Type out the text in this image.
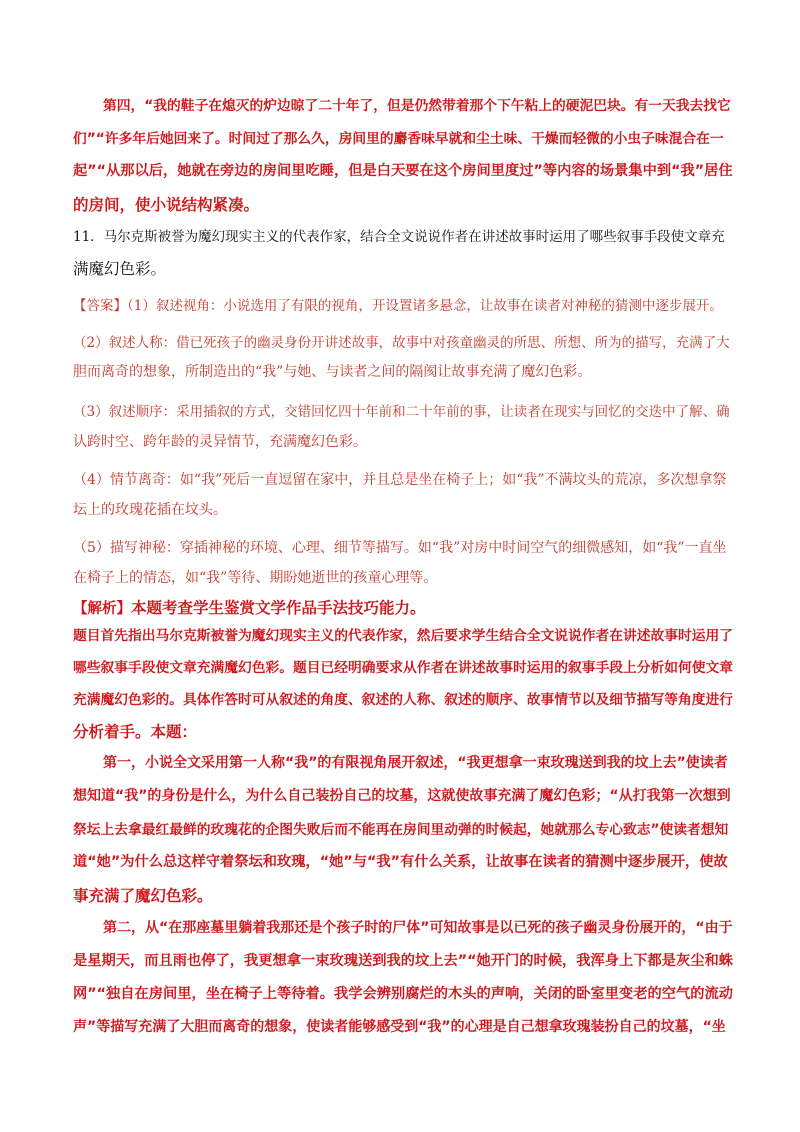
第四，“我的鞋子在熄灭的炉边晾了二十年了，但是仍然带着那个下午粘上的硬泥巴块。有一天我去找它
们”“许多年后她回来了。时间过了那么久，房间里的麝香味早就和尘土味、干燥而轻微的小虫子味混合在一
起”“从那以后，她就在旁边的房间里吃睡，但是白天要在这个房间里度过”等内容的场景集中到“我”居住
的房间，使小说结构紧凑。
11．马尔克斯被誉为魔幻现实主义的代表作家，结合全文说说作者在讲述故事时运用了哪些叙事手段使文章充
满魔幻色彩。
【答案】（1）叙述视角：小说选用了有限的视角，开设置诸多悬念，让故事在读者对神秘的猜测中逐步展开。
（2）叙述人称：借已死孩子的幽灵身份开讲述故事，故事中对孩童幽灵的所思、所想、所为的描写，充满了大
胆而离奇的想象，所制造出的“我”与她、与读者之间的隔阂让故事充满了魔幻色彩。
（3）叙述顺序：采用插叙的方式，交错回忆四十年前和二十年前的事，让读者在现实与回忆的交迭中了解、确
认跨时空、跨年龄的灵异情节，充满魔幻色彩。
（4）情节离奇：如“我”死后一直逗留在家中，并且总是坐在椅子上；如“我”不满坟头的荒凉，多次想拿祭
坛上的玫瑰花插在坟头。
（5）描写神秘：穿插神秘的环境、心理、细节等描写。如“我”对房中时间空气的细微感知，如“我”一直坐
在椅子上的情态，如“我”等待、期盼她逝世的孩童心理等。
【解析】本题考查学生鉴赏文学作品手法技巧能力。
题目首先指出马尔克斯被誉为魔幻现实主义的代表作家，然后要求学生结合全文说说作者在讲述故事时运用了
哪些叙事手段使文章充满魔幻色彩。题目已经明确要求从作者在讲述故事时运用的叙事手段上分析如何使文章
充满魔幻色彩的。具体作答时可从叙述的角度、叙述的人称、叙述的顺序、故事情节以及细节描写等角度进行
分析着手。本题：
第一，小说全文采用第一人称“我”的有限视角展开叙述，“我更想拿一束玫瑰送到我的坟上去”使读者
想知道“我”的身份是什么，为什么自己装扮自己的坟墓，这就使故事充满了魔幻色彩；“从打我第一次想到
祭坛上去拿最红最鲜的玫瑰花的企图失败后而不能再在房间里动弹的时候起，她就那么专心致志”使读者想知
道“她”为什么总这样守着祭坛和玫瑰，“她”与“我”有什么关系，让故事在读者的猜测中逐步展开，使故
事充满了魔幻色彩。
第二，从“在那座墓里躺着我那还是个孩子时的尸体”可知故事是以已死的孩子幽灵身份展开的，“由于
是星期天，而且雨也停了，我更想拿一束玫瑰送到我的坟上去”“她开门的时候，我浑身上下都是灰尘和蛛
网”“独自在房间里，坐在椅子上等待着。我学会辨别腐烂的木头的声响，关闭的卧室里变老的空气的流动
声”等描写充满了大胆而离奇的想象，使读者能够感受到“我”的心理是自己想拿玫瑰装扮自己的坟墓，“坐
